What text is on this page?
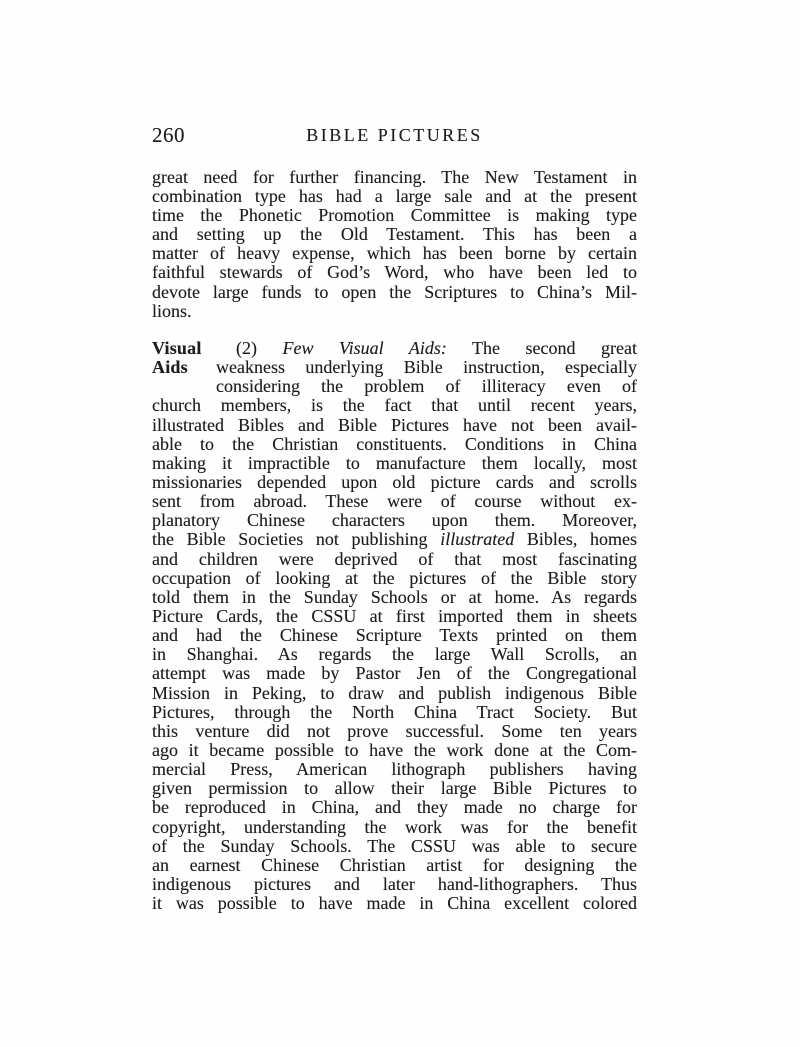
260	BIBLE PICTURES

great need for further financing. The New Testament in
combination type has had a large sale and at the present
time the Phonetic Promotion Committee is making type
and setting up the Old Testament. This has been a
matter of heavy expense, which has been borne by certain
faithful stewards of God’s Word, who have been led to
devote large funds to open the Scriptures to China’s Mil-
lions.

Visual
Aids

(2) Few Visual Aids: The second great
weakness underlying Bible instruction, especially
considering the problem of illiteracy even of
church members, is the fact that until recent years,
illustrated Bibles and Bible Pictures have not been avail-
able to the Christian constituents. Conditions in China
making it impractible to manufacture them locally, most
missionaries depended upon old picture cards and scrolls
sent from abroad. These were of course without ex-
planatory Chinese characters upon them. Moreover,
the Bible Societies not publishing illustrated Bibles, homes
and children were deprived of that most fascinating
occupation of looking at the pictures of the Bible story
told them in the Sunday Schools or at home. As regards
Picture Cards, the CSSU at first imported them in sheets
and had the Chinese Scripture Texts printed on them
in Shanghai. As regards the large Wall Scrolls, an
attempt was made by Pastor Jen of the Congregational
Mission in Peking, to draw and publish indigenous Bible
Pictures, through the North China Tract Society. But
this venture did not prove successful. Some ten years
ago it became possible to have the work done at the Com-
mercial Press, American lithograph publishers having
given permission to allow their large Bible Pictures to
be reproduced in China, and they made no charge for
copyright, understanding the work was for the benefit
of the Sunday Schools. The CSSU was able to secure
an earnest Chinese Christian artist for designing the
indigenous pictures and later hand-lithographers. Thus
it was possible to have made in China excellent colored
